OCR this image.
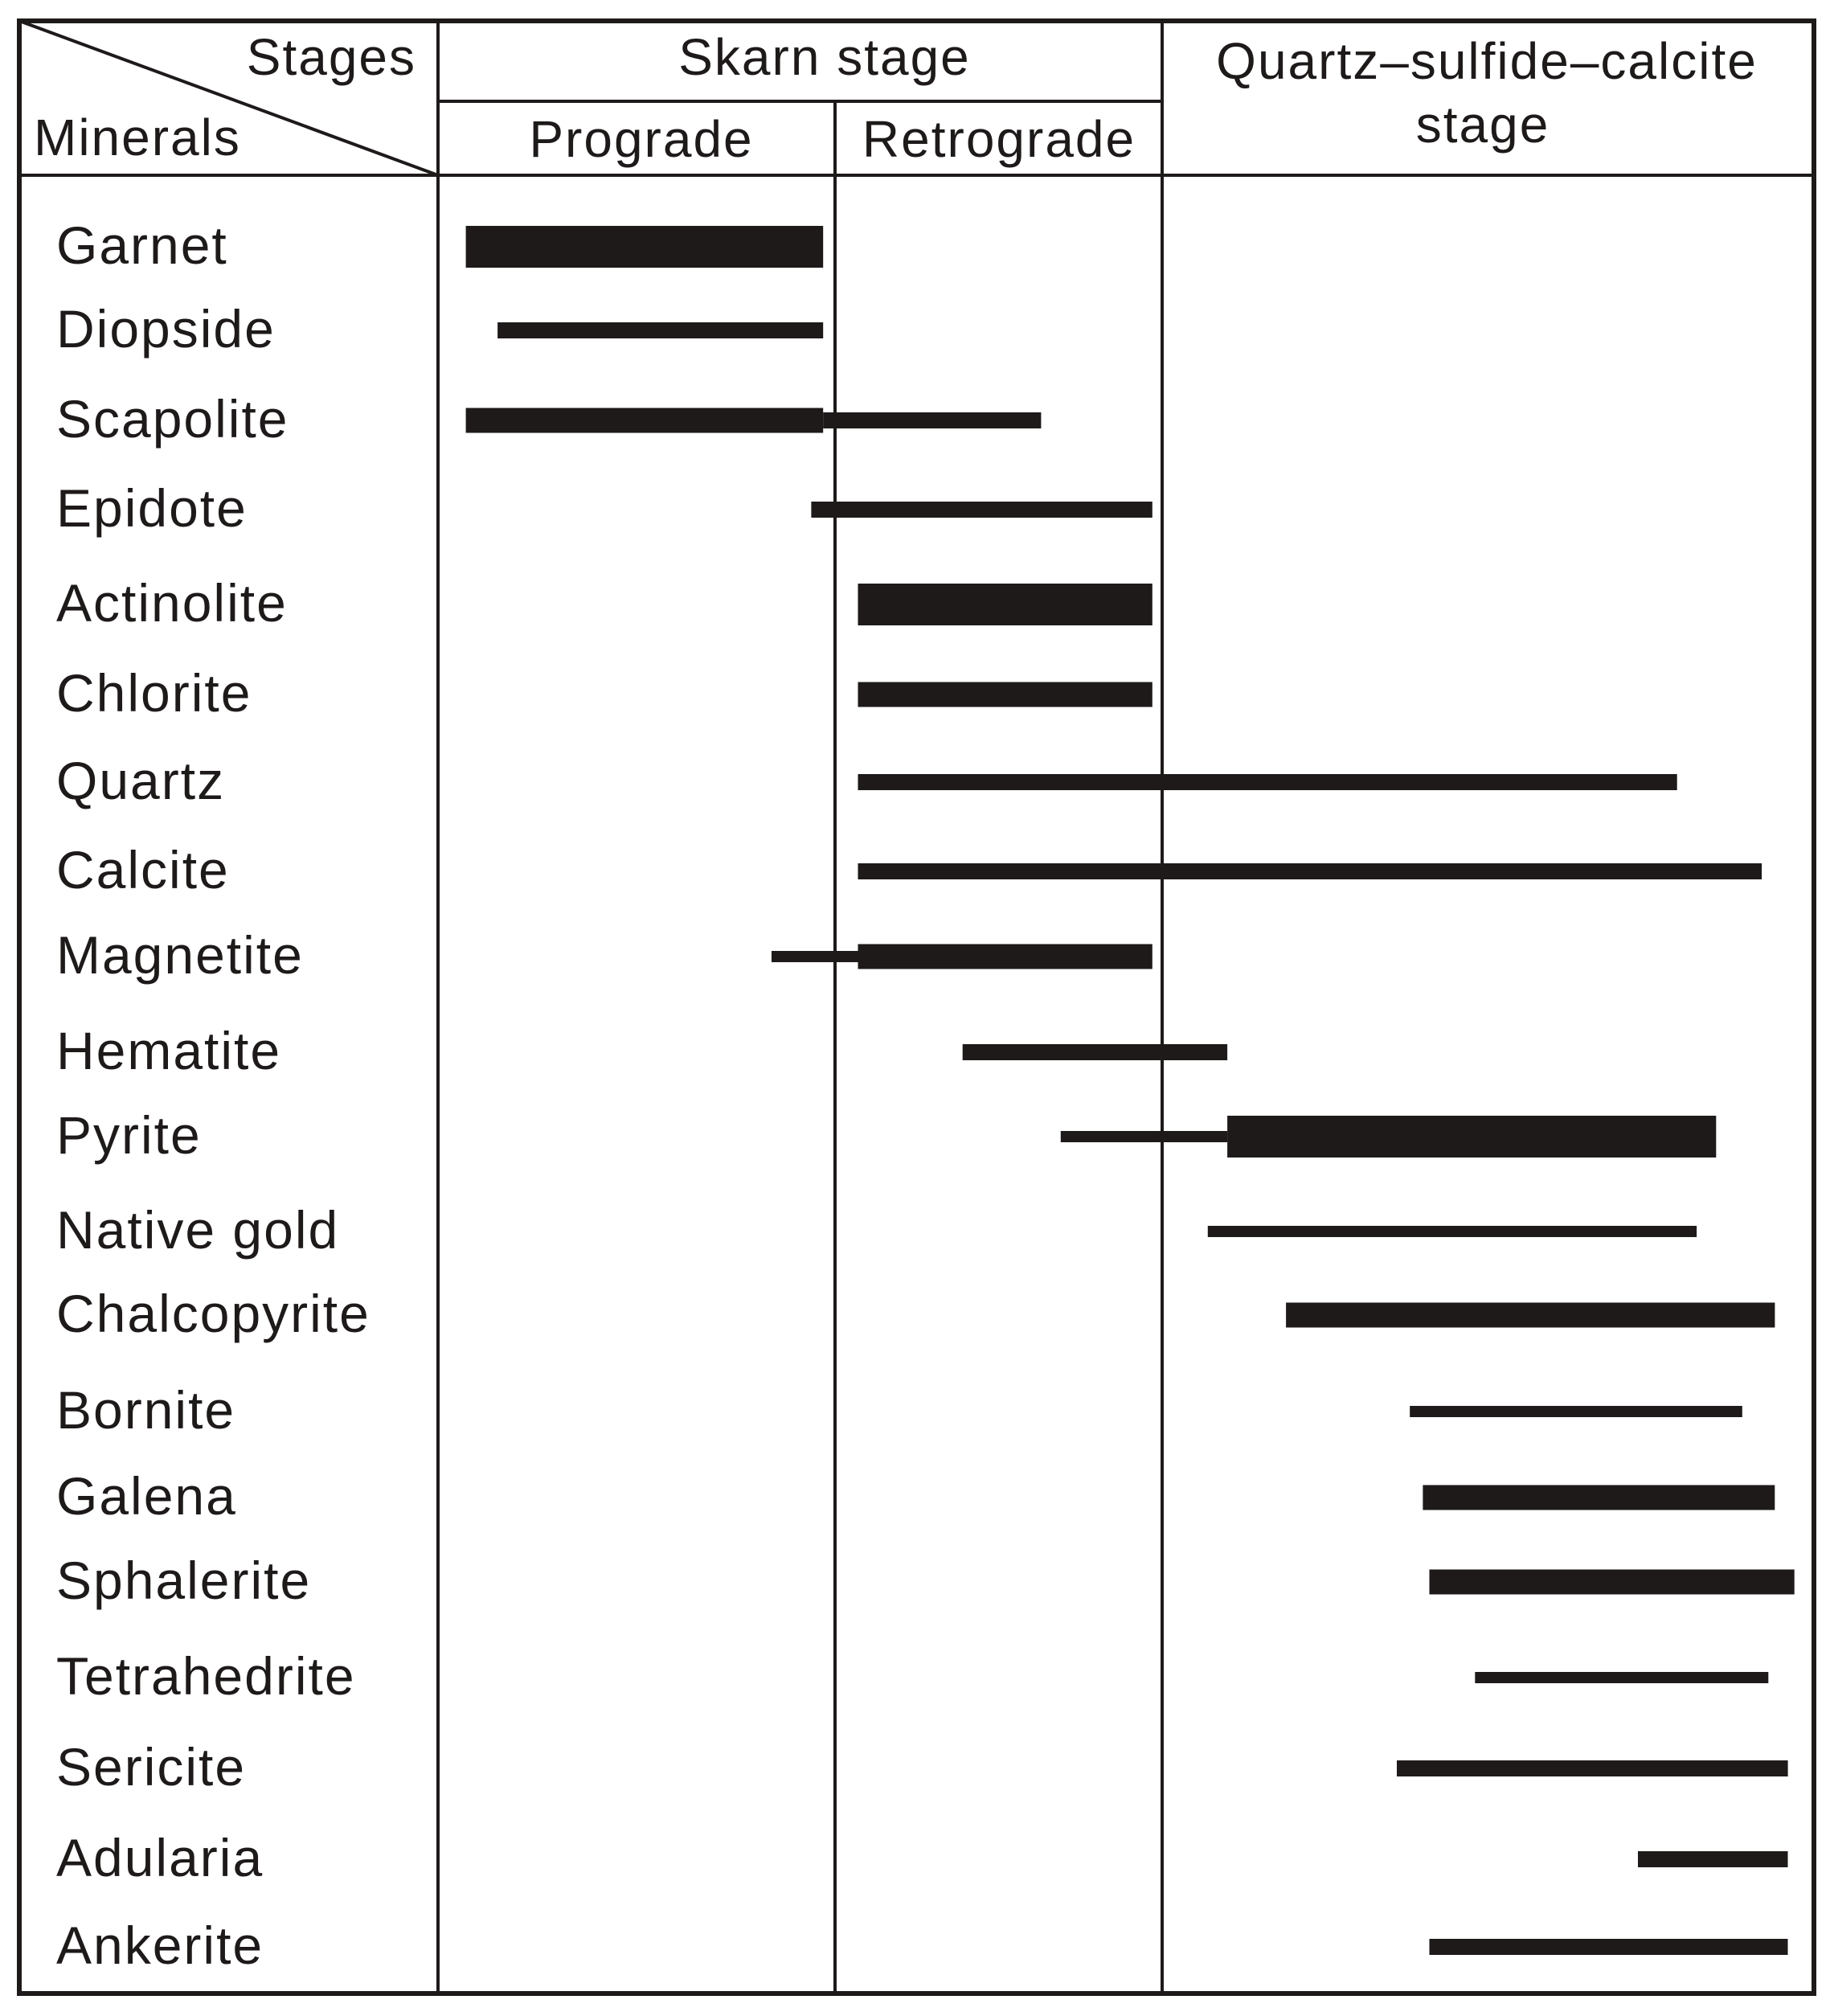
Stages
Minerals
Skarn stage
Prograde Retrograde
Quartz–sulfide–calcite
stage
Garnet
Diopside
Scapolite
Epidote
Actinolite
Chlorite
Quartz
Calcite
Magnetite
Hematite
Pyrite
Native gold
Chalcopyrite
Bornite
Galena
Sphalerite
Tetrahedrite
Sericite
Adularia
Ankerite
